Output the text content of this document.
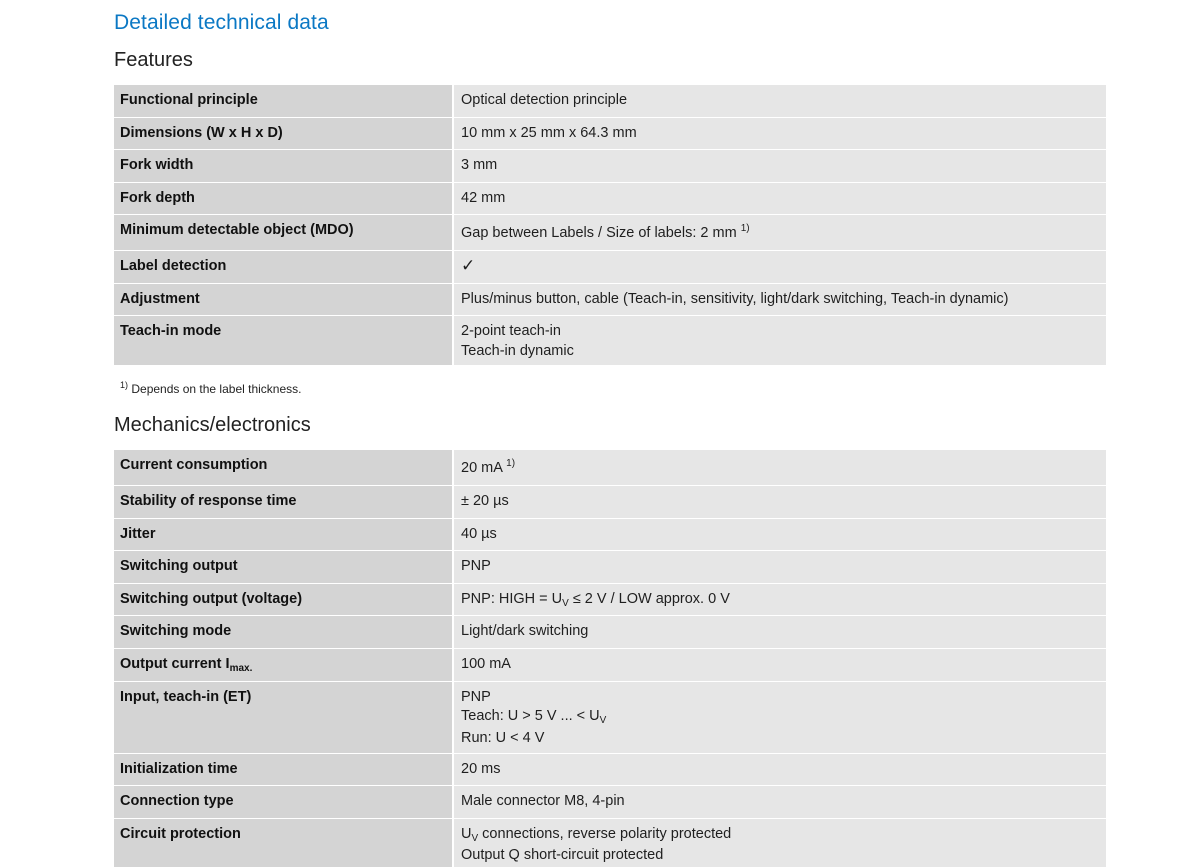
Detailed technical data
Features
Functional principle	Optical detection principle
Dimensions (W x H x D)	10 mm x 25 mm x 64.3 mm
Fork width	3 mm
Fork depth	42 mm
Minimum detectable object (MDO)	Gap between Labels / Size of labels: 2 mm $^{1)}$
Label detection	✓
Adjustment	Plus/minus button, cable (Teach-in, sensitivity, light/dark switching, Teach-in dynamic)
Teach-in mode	2-point teach-in
Teach-in dynamic
$^{1)}$ Depends on the label thickness.
Mechanics/electronics
Current consumption	20 mA $^{1)}$
Stability of response time	± 20 µs
Jitter	40 µs
Switching output	PNP
Switching output (voltage)	PNP: HIGH = $U_V \le 2$ V / LOW approx. 0 V
Switching mode	Light/dark switching
Output current $I_{max.}$	100 mA
Input, teach-in (ET)	PNP
Teach: U > 5 V ... < $U_V$
Run: U < 4 V

Initialization time	20 ms
Connection type	Male connector M8, 4-pin
Circuit protection	$U_V$ connections, reverse polarity protected
Output Q short-circuit protected
